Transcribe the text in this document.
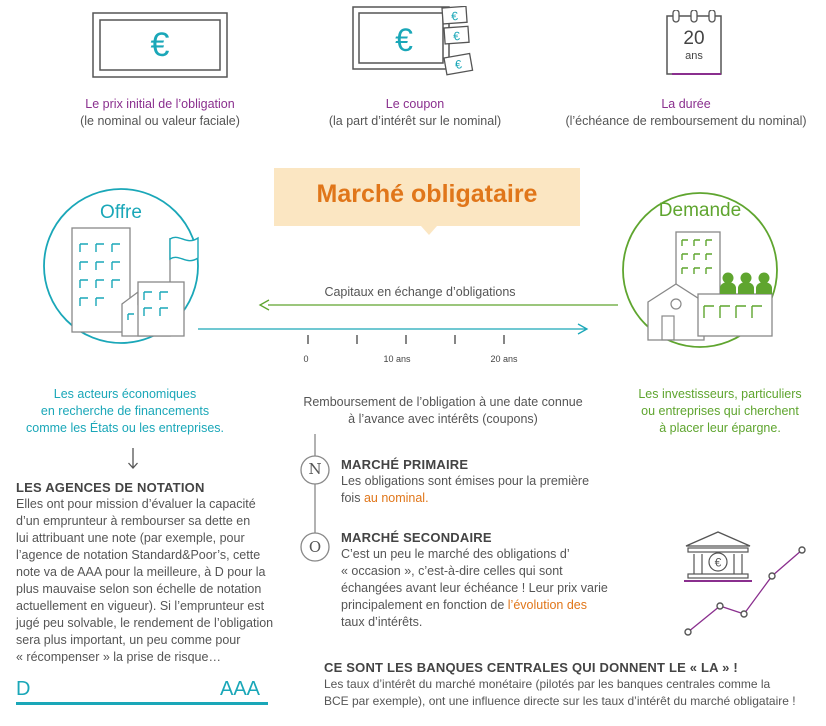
€	€
€
€
€
20
ans
Le prix initial de l’obligation
(le nominal ou valeur faciale)
Le coupon
(la part d’intérêt sur le nominal)
La durée
(l’échéance de remboursement du nominal)
Marché obligataire
Offre	Demande
Capitaux en échange d’obligations
0	10 ans	20 ans
Les acteurs économiques
en recherche de financements
comme les États ou les entreprises.
Les investisseurs, particuliers
ou entreprises qui cherchent
à placer leur épargne.
Remboursement de l’obligation à une date connue
à l’avance avec intérêts (coupons)
N
O
MARCHÉ PRIMAIRE
Les obligations sont émises pour la première
fois au nominal.
MARCHÉ SECONDAIRE
C’est un peu le marché des obligations d’
« occasion », c’est-à-dire celles qui sont
échangées avant leur échéance ! Leur prix varie
principalement en fonction de l’évolution des
taux d’intérêts.
LES AGENCES DE NOTATION
Elles ont pour mission d’évaluer la capacité
d’un emprunteur à rembourser sa dette en
lui attribuant une note (par exemple, pour
l’agence de notation Standard&Poor’s, cette
note va de AAA pour la meilleure, à D pour la
plus mauvaise selon son échelle de notation
actuellement en vigueur). Si l’emprunteur est
jugé peu solvable, le rendement de l’obligation
sera plus important, un peu comme pour
« récompenser » la prise de risque…
D	AAA
€
CE SONT LES BANQUES CENTRALES QUI DONNENT LE « LA » !
Les taux d’intérêt du marché monétaire (pilotés par les banques centrales comme la
BCE par exemple), ont une influence directe sur les taux d’intérêt du marché obligataire !
